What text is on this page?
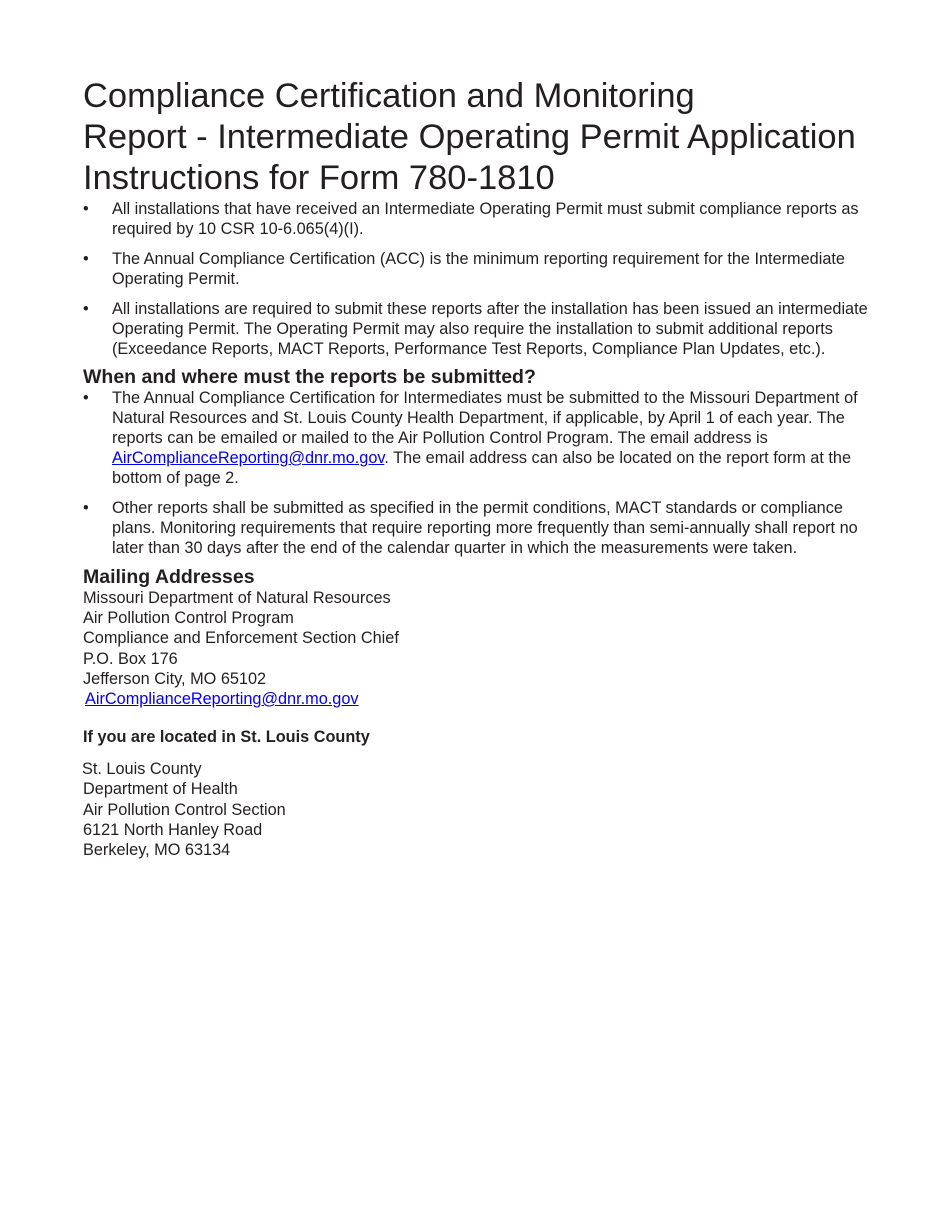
Compliance Certification and Monitoring
Report - Intermediate Operating Permit Application
Instructions for Form 780-1810
• All installations that have received an Intermediate Operating Permit must submit compliance reports as required by 10 CSR 10-6.065(4)(I).
• The Annual Compliance Certification (ACC) is the minimum reporting requirement for the Intermediate Operating Permit.
• All installations are required to submit these reports after the installation has been issued an intermediate Operating Permit. The Operating Permit may also require the installation to submit additional reports (Exceedance Reports, MACT Reports, Performance Test Reports, Compliance Plan Updates, etc.).
When and where must the reports be submitted?
• The Annual Compliance Certification for Intermediates must be submitted to the Missouri Department of Natural Resources and St. Louis County Health Department, if applicable, by April 1 of each year. The reports can be emailed or mailed to the Air Pollution Control Program. The email address is AirComplianceReporting@dnr.mo.gov. The email address can also be located on the report form at the bottom of page 2.
• Other reports shall be submitted as specified in the permit conditions, MACT standards or compliance plans. Monitoring requirements that require reporting more frequently than semi-annually shall report no later than 30 days after the end of the calendar quarter in which the measurements were taken.
Mailing Addresses
Missouri Department of Natural Resources
Air Pollution Control Program
Compliance and Enforcement Section Chief
P.O. Box 176
Jefferson City, MO 65102
AirComplianceReporting@dnr.mo.gov
If you are located in St. Louis County
St. Louis County
Department of Health
Air Pollution Control Section
6121 North Hanley Road
Berkeley, MO 63134
